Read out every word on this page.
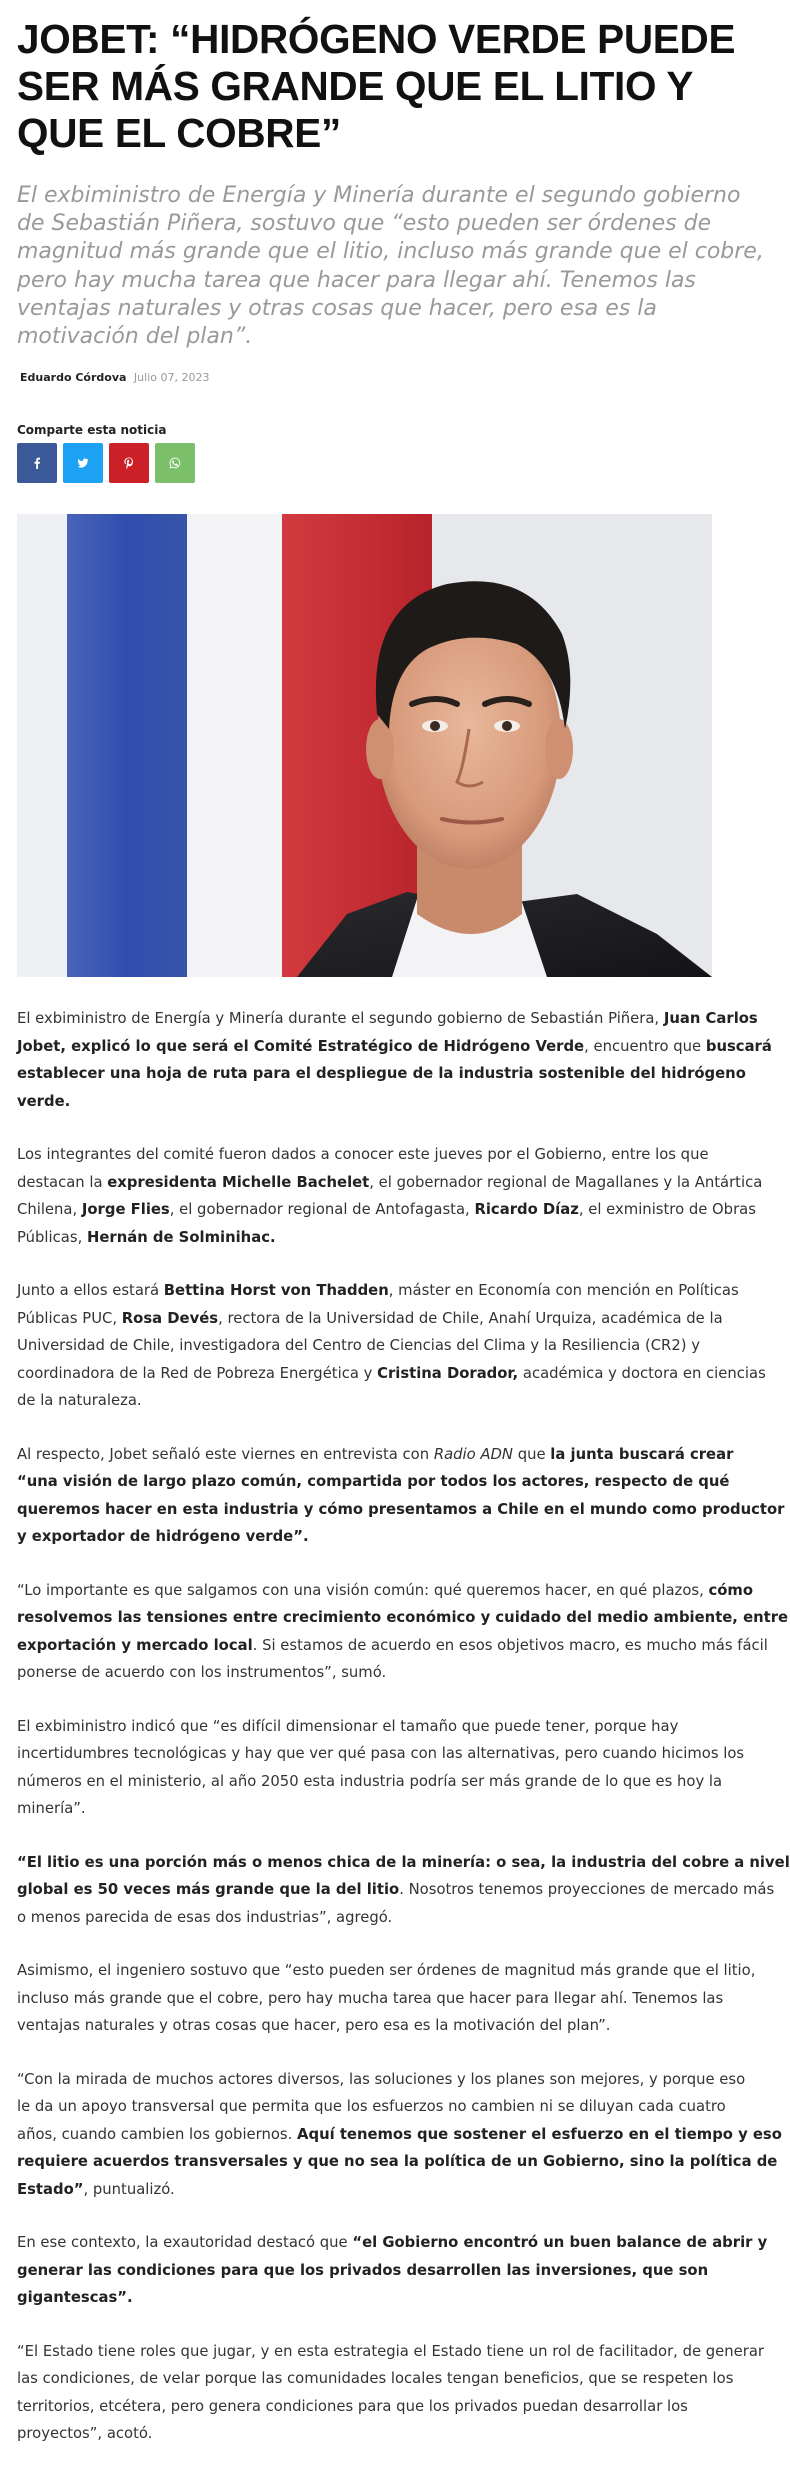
JOBET: “HIDRÓGENO VERDE PUEDE
SER MÁS GRANDE QUE EL LITIO Y
QUE EL COBRE”
El exbiministro de Energía y Minería durante el segundo gobierno
de Sebastián Piñera, sostuvo que “esto pueden ser órdenes de
magnitud más grande que el litio, incluso más grande que el cobre,
pero hay mucha tarea que hacer para llegar ahí. Tenemos las
ventajas naturales y otras cosas que hacer, pero esa es la
motivación del plan”.
Eduardo Córdova Julio 07, 2023
Comparte esta noticia

El exbiministro de Energía y Minería durante el segundo gobierno de Sebastián Piñera, Juan Carlos
Jobet, explicó lo que será el Comité Estratégico de Hidrógeno Verde, encuentro que buscará
establecer una hoja de ruta para el despliegue de la industria sostenible del hidrógeno
verde.

Los integrantes del comité fueron dados a conocer este jueves por el Gobierno, entre los que
destacan la expresidenta Michelle Bachelet, el gobernador regional de Magallanes y la Antártica
Chilena, Jorge Flies, el gobernador regional de Antofagasta, Ricardo Díaz, el exministro de Obras
Públicas, Hernán de Solminihac.

Junto a ellos estará Bettina Horst von Thadden, máster en Economía con mención en Políticas
Públicas PUC, Rosa Devés, rectora de la Universidad de Chile, Anahí Urquiza, académica de la
Universidad de Chile, investigadora del Centro de Ciencias del Clima y la Resiliencia (CR2) y
coordinadora de la Red de Pobreza Energética y Cristina Dorador, académica y doctora en ciencias
de la naturaleza.

Al respecto, Jobet señaló este viernes en entrevista con Radio ADN que la junta buscará crear
“una visión de largo plazo común, compartida por todos los actores, respecto de qué
queremos hacer en esta industria y cómo presentamos a Chile en el mundo como productor
y exportador de hidrógeno verde”.

“Lo importante es que salgamos con una visión común: qué queremos hacer, en qué plazos, cómo
resolvemos las tensiones entre crecimiento económico y cuidado del medio ambiente, entre
exportación y mercado local. Si estamos de acuerdo en esos objetivos macro, es mucho más fácil
ponerse de acuerdo con los instrumentos”, sumó.

El exbiministro indicó que “es difícil dimensionar el tamaño que puede tener, porque hay
incertidumbres tecnológicas y hay que ver qué pasa con las alternativas, pero cuando hicimos los
números en el ministerio, al año 2050 esta industria podría ser más grande de lo que es hoy la
minería”.

“El litio es una porción más o menos chica de la minería: o sea, la industria del cobre a nivel
global es 50 veces más grande que la del litio. Nosotros tenemos proyecciones de mercado más
o menos parecida de esas dos industrias”, agregó.

Asimismo, el ingeniero sostuvo que “esto pueden ser órdenes de magnitud más grande que el litio,
incluso más grande que el cobre, pero hay mucha tarea que hacer para llegar ahí. Tenemos las
ventajas naturales y otras cosas que hacer, pero esa es la motivación del plan”.

“Con la mirada de muchos actores diversos, las soluciones y los planes son mejores, y porque eso
le da un apoyo transversal que permita que los esfuerzos no cambien ni se diluyan cada cuatro
años, cuando cambien los gobiernos. Aquí tenemos que sostener el esfuerzo en el tiempo y eso
requiere acuerdos transversales y que no sea la política de un Gobierno, sino la política de
Estado”, puntualizó.

En ese contexto, la exautoridad destacó que “el Gobierno encontró un buen balance de abrir y
generar las condiciones para que los privados desarrollen las inversiones, que son
gigantescas”.

“El Estado tiene roles que jugar, y en esta estrategia el Estado tiene un rol de facilitador, de generar
las condiciones, de velar porque las comunidades locales tengan beneficios, que se respeten los
territorios, etcétera, pero genera condiciones para que los privados puedan desarrollar los
proyectos”, acotó.
